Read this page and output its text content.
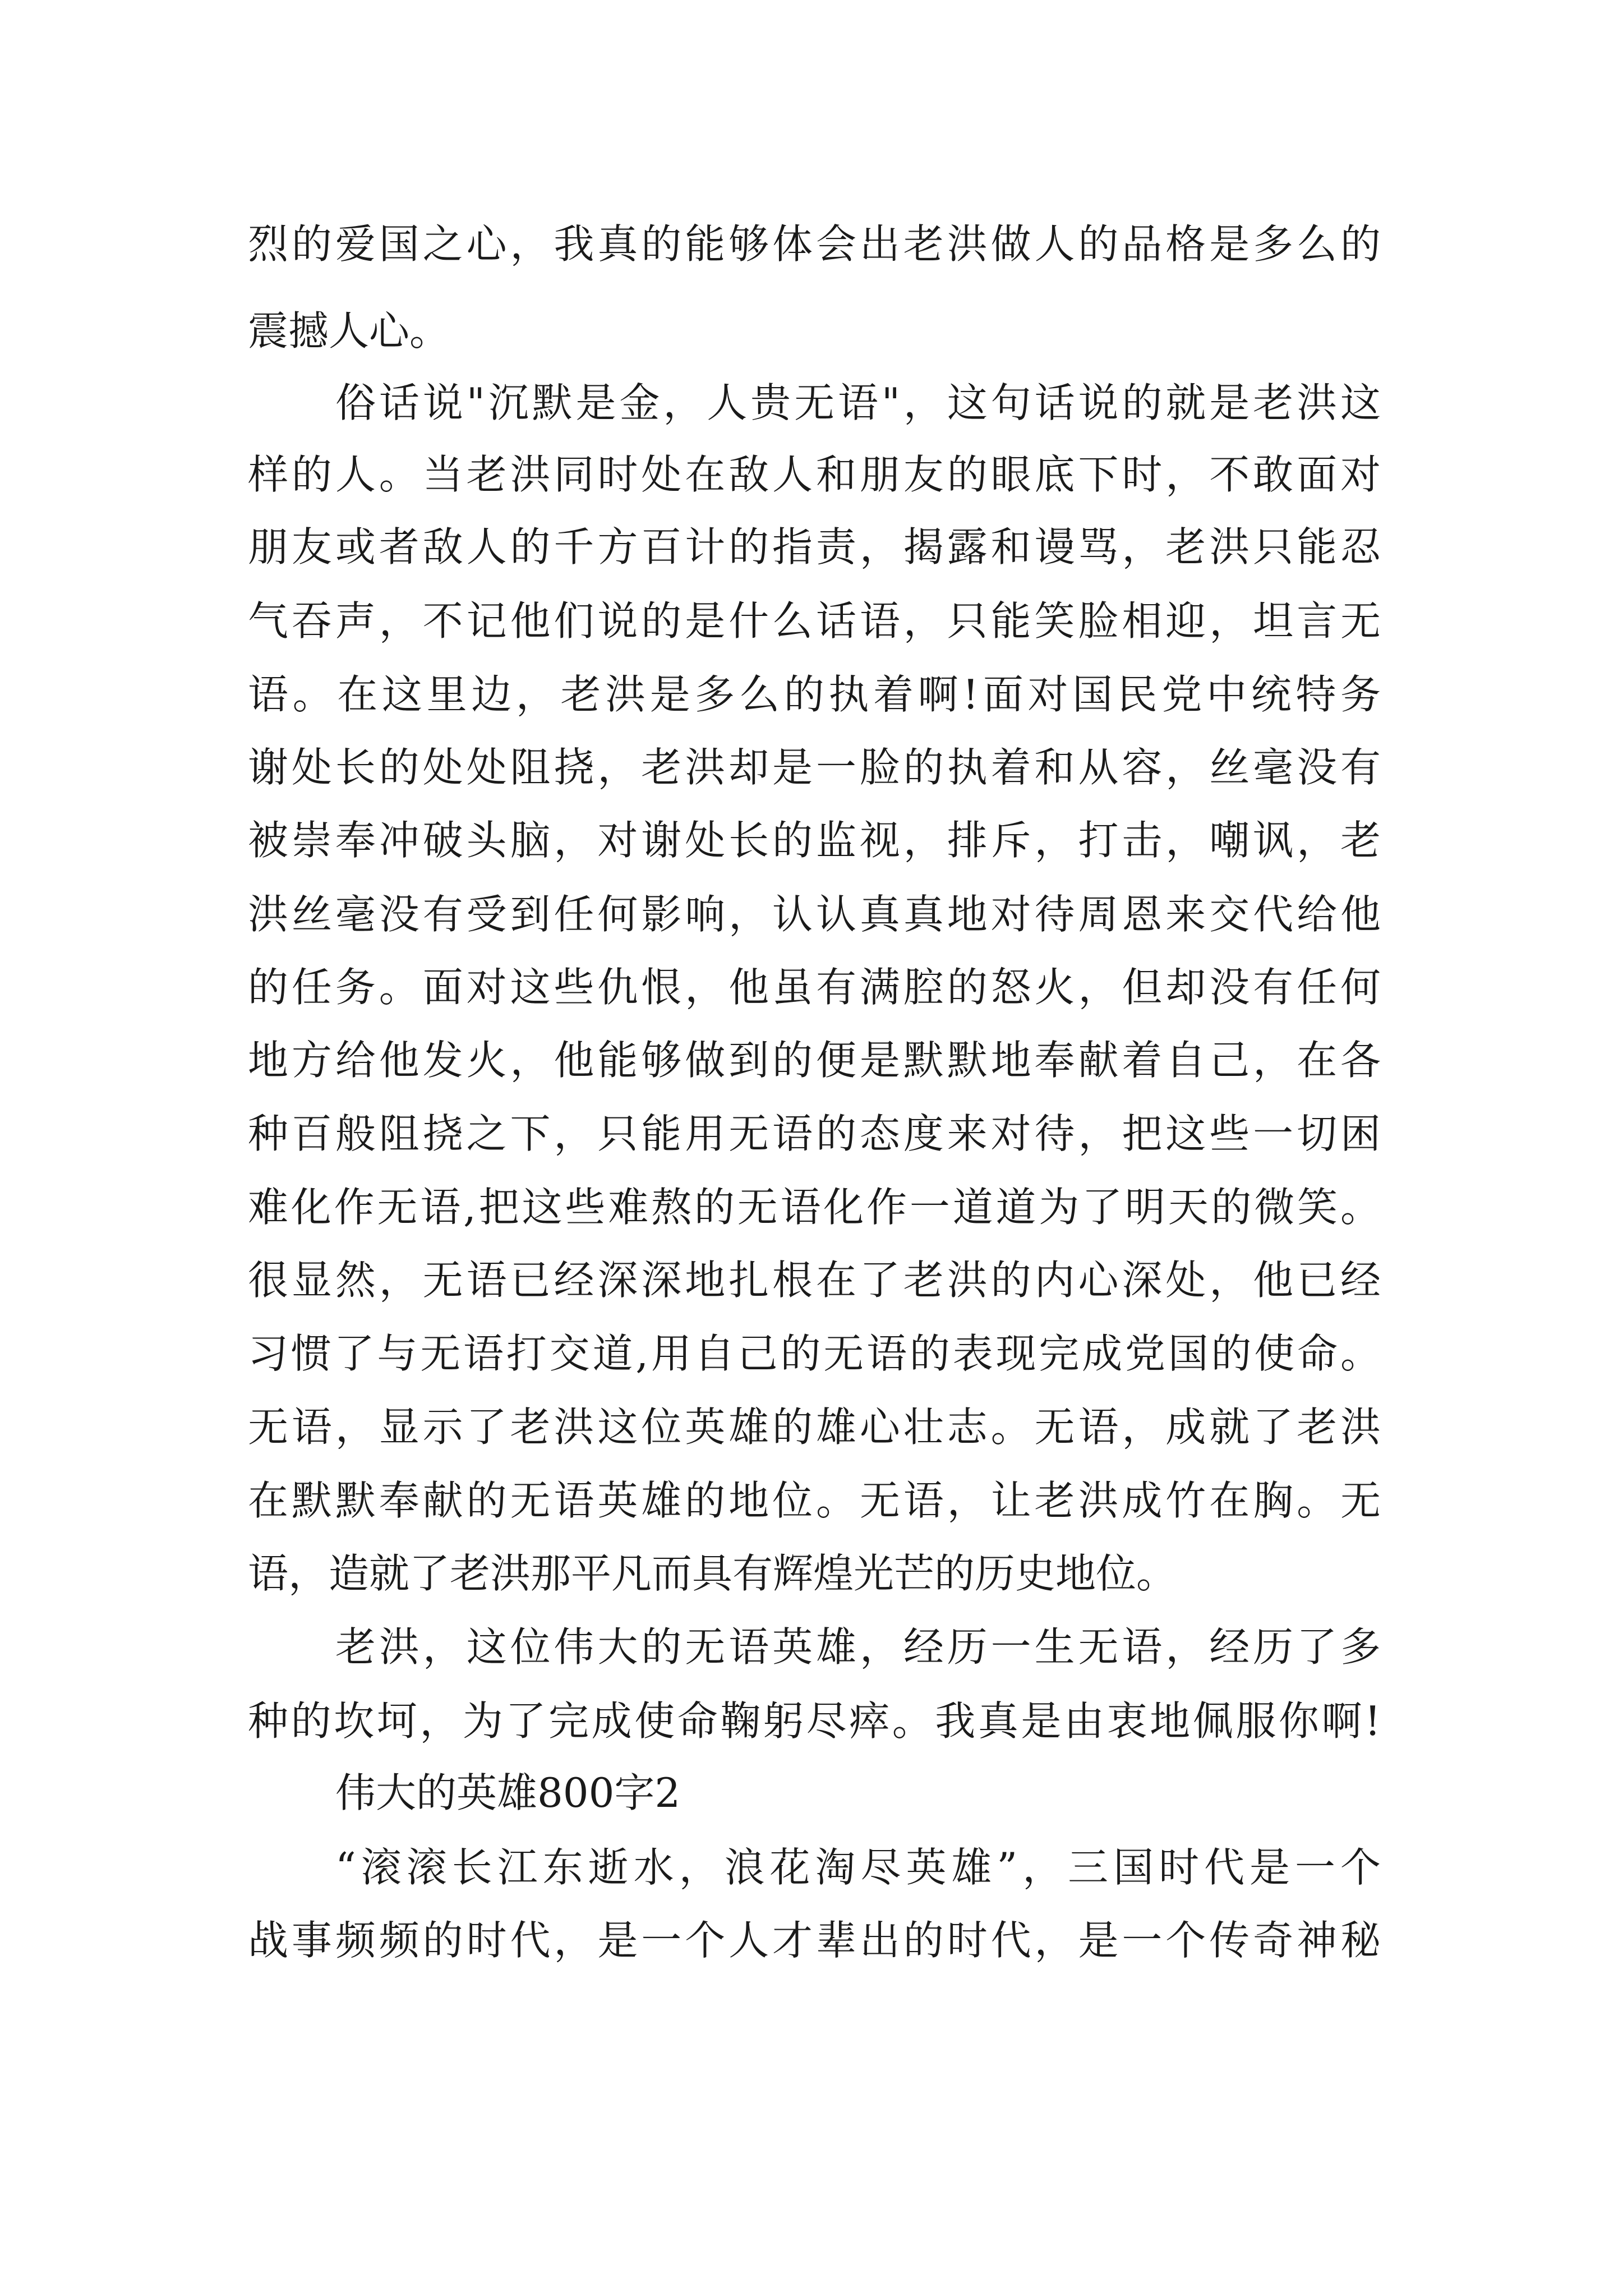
烈的爱国之心，我真的能够体会出老洪做人的品格是多么的
震撼人心。
俗话说"沉默是金，人贵无语"，这句话说的就是老洪这
样的人。当老洪同时处在敌人和朋友的眼底下时，不敢面对
朋友或者敌人的千方百计的指责，揭露和谩骂，老洪只能忍
气吞声，不记他们说的是什么话语，只能笑脸相迎，坦言无
语。在这里边，老洪是多么的执着啊!面对国民党中统特务
谢处长的处处阻挠，老洪却是一脸的执着和从容，丝毫没有
被崇奉冲破头脑，对谢处长的监视，排斥，打击，嘲讽，老
洪丝毫没有受到任何影响，认认真真地对待周恩来交代给他
的任务。面对这些仇恨，他虽有满腔的怒火，但却没有任何
地方给他发火，他能够做到的便是默默地奉献着自己，在各
种百般阻挠之下，只能用无语的态度来对待，把这些一切困
难化作无语,把这些难熬的无语化作一道道为了明天的微笑。
很显然，无语已经深深地扎根在了老洪的内心深处，他已经
习惯了与无语打交道,用自己的无语的表现完成党国的使命。
无语，显示了老洪这位英雄的雄心壮志。无语，成就了老洪
在默默奉献的无语英雄的地位。无语，让老洪成竹在胸。无
语，造就了老洪那平凡而具有辉煌光芒的历史地位。
老洪，这位伟大的无语英雄，经历一生无语，经历了多
种的坎坷，为了完成使命鞠躬尽瘁。我真是由衷地佩服你啊!
伟大的英雄800字2
“滚滚长江东逝水，浪花淘尽英雄”，三国时代是一个
战事频频的时代，是一个人才辈出的时代，是一个传奇神秘
